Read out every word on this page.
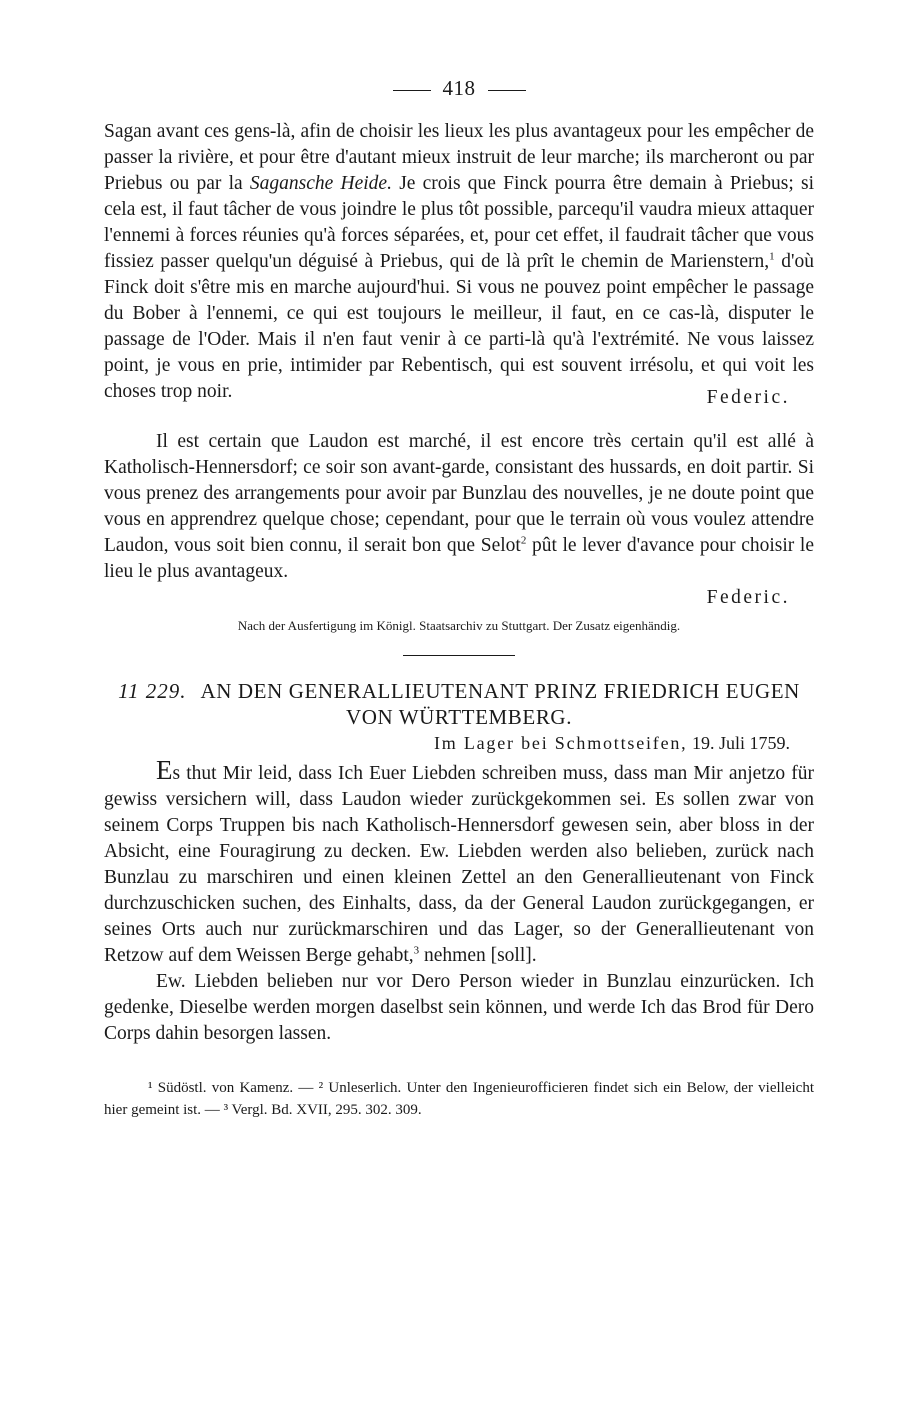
418

Sagan avant ces gens-là, afin de choisir les lieux les plus avantageux pour les empêcher de passer la rivière, et pour être d'autant mieux instruit de leur marche; ils marcheront ou par Priebus ou par la Sagansche Heide. Je crois que Finck pourra être demain à Priebus; si cela est, il faut tâcher de vous joindre le plus tôt possible, parcequ'il vaudra mieux attaquer l'ennemi à forces réunies qu'à forces séparées, et, pour cet effet, il faudrait tâcher que vous fissiez passer quelqu'un déguisé à Priebus, qui de là prît le chemin de Marienstern,$^1$ d'où Finck doit s'être mis en marche aujourd'hui. Si vous ne pouvez point empêcher le passage du Bober à l'ennemi, ce qui est toujours le meilleur, il faut, en ce cas-là, disputer le passage de l'Oder. Mais il n'en faut venir à ce parti-là qu'à l'extrémité. Ne vous laissez point, je vous en prie, intimider par Rebentisch, qui est souvent irrésolu, et qui voit les choses trop noir.	Federic.

Il est certain que Laudon est marché, il est encore très certain qu'il est allé à Katholisch-Hennersdorf; ce soir son avant-garde, consistant des hussards, en doit partir. Si vous prenez des arrangements pour avoir par Bunzlau des nouvelles, je ne doute point que vous en apprendrez quelque chose; cependant, pour que le terrain où vous voulez attendre Laudon, vous soit bien connu, il serait bon que Selot$^2$ pût le lever d'avance pour choisir le lieu le plus avantageux.

Federic.
Nach der Ausfertigung im Königl. Staatsarchiv zu Stuttgart. Der Zusatz eigenhändig.

11 229. AN DEN GENERALLIEUTENANT PRINZ FRIEDRICH EUGEN VON WÜRTTEMBERG.

Im Lager bei Schmottseifen, 19. Juli 1759.

Es thut Mir leid, dass Ich Euer Liebden schreiben muss, dass man Mir anjetzo für gewiss versichern will, dass Laudon wieder zurückgekommen sei. Es sollen zwar von seinem Corps Truppen bis nach Katholisch-Hennersdorf gewesen sein, aber bloss in der Absicht, eine Fouragirung zu decken. Ew. Liebden werden also belieben, zurück nach Bunzlau zu marschiren und einen kleinen Zettel an den Generallieutenant von Finck durchzuschicken suchen, des Einhalts, dass, da der General Laudon zurückgegangen, er seines Orts auch nur zurückmarschiren und das Lager, so der Generallieutenant von Retzow auf dem Weissen Berge gehabt,$^3$ nehmen [soll].

Ew. Liebden belieben nur vor Dero Person wieder in Bunzlau einzurücken. Ich gedenke, Dieselbe werden morgen daselbst sein können, und werde Ich das Brod für Dero Corps dahin besorgen lassen.

¹ Südöstl. von Kamenz. — ² Unleserlich. Unter den Ingenieurofficieren findet sich ein Below, der vielleicht hier gemeint ist. — ³ Vergl. Bd. XVII, 295. 302. 309.
